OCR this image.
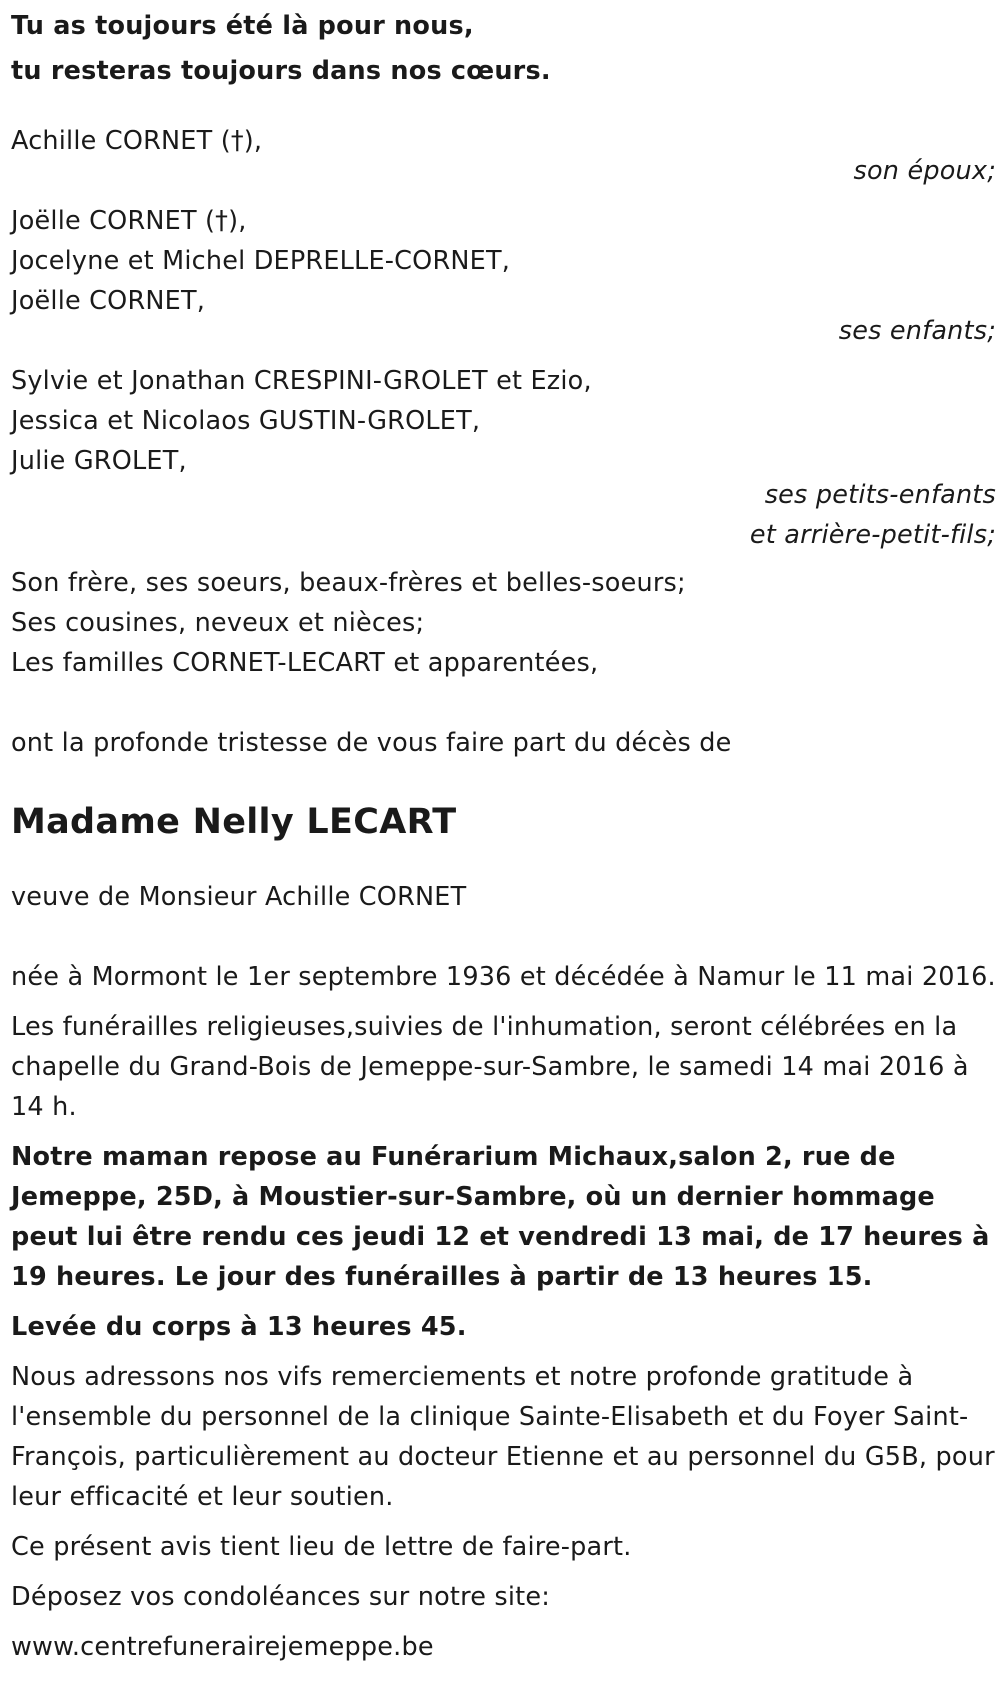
Tu as toujours été là pour nous,

tu resteras toujours dans nos cœurs.

Achille CORNET (†),

son époux;

Joëlle CORNET (†),

Jocelyne et Michel DEPRELLE-CORNET,

Joëlle CORNET,

ses enfants;

Sylvie et Jonathan CRESPINI-GROLET et Ezio,

Jessica et Nicolaos GUSTIN-GROLET,

Julie GROLET,

ses petits-enfants

et arrière-petit-fils;

Son frère, ses soeurs, beaux-frères et belles-soeurs;

Ses cousines, neveux et nièces;

Les familles CORNET-LECART et apparentées,

ont la profonde tristesse de vous faire part du décès de

Madame Nelly LECART

veuve de Monsieur Achille CORNET

née à Mormont le 1er septembre 1936 et décédée à Namur le 11 mai 2016.

Les funérailles religieuses,suivies de l'inhumation, seront célébrées en la chapelle du Grand-Bois de Jemeppe-sur-Sambre, le samedi 14 mai 2016 à 14 h.

Notre maman repose au Funérarium Michaux,salon 2, rue de Jemeppe, 25D, à Moustier-sur-Sambre, où un dernier hommage peut lui être rendu ces jeudi 12 et vendredi 13 mai, de 17 heures à 19 heures. Le jour des funérailles à partir de 13 heures 15.

Levée du corps à 13 heures 45.

Nous adressons nos vifs remerciements et notre profonde gratitude à l'ensemble du personnel de la clinique Sainte-Elisabeth et du Foyer Saint-François, particulièrement au docteur Etienne et au personnel du G5B, pour leur efficacité et leur soutien.

Ce présent avis tient lieu de lettre de faire-part.

Déposez vos condoléances sur notre site:

www.centrefunerairejemeppe.be
